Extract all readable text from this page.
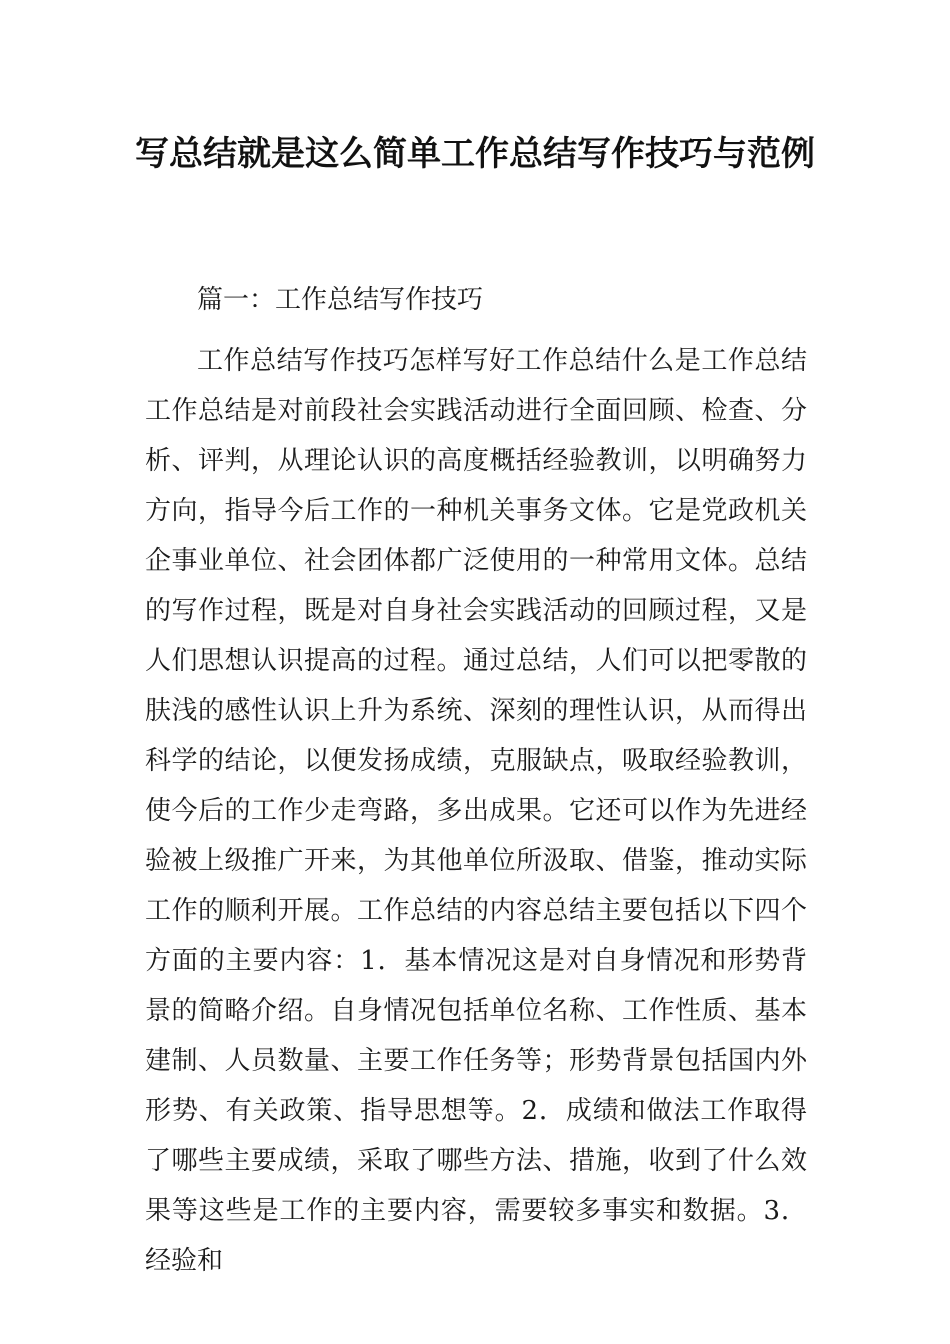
写总结就是这么简单工作总结写作技巧与范例

篇一：工作总结写作技巧

工作总结写作技巧怎样写好工作总结什么是工作总结工作总结是对前段社会实践活动进行全面回顾、检查、分析、评判，从理论认识的高度概括经验教训，以明确努力方向，指导今后工作的一种机关事务文体。它是党政机关企事业单位、社会团体都广泛使用的一种常用文体。总结的写作过程，既是对自身社会实践活动的回顾过程，又是人们思想认识提高的过程。通过总结，人们可以把零散的肤浅的感性认识上升为系统、深刻的理性认识，从而得出科学的结论，以便发扬成绩，克服缺点，吸取经验教训，使今后的工作少走弯路，多出成果。它还可以作为先进经验被上级推广开来，为其他单位所汲取、借鉴，推动实际工作的顺利开展。工作总结的内容总结主要包括以下四个方面的主要内容：1．基本情况这是对自身情况和形势背景的简略介绍。自身情况包括单位名称、工作性质、基本建制、人员数量、主要工作任务等；形势背景包括国内外形势、有关政策、指导思想等。2．成绩和做法工作取得了哪些主要成绩，采取了哪些方法、措施，收到了什么效果等这些是工作的主要内容，需要较多事实和数据。3．经验和
